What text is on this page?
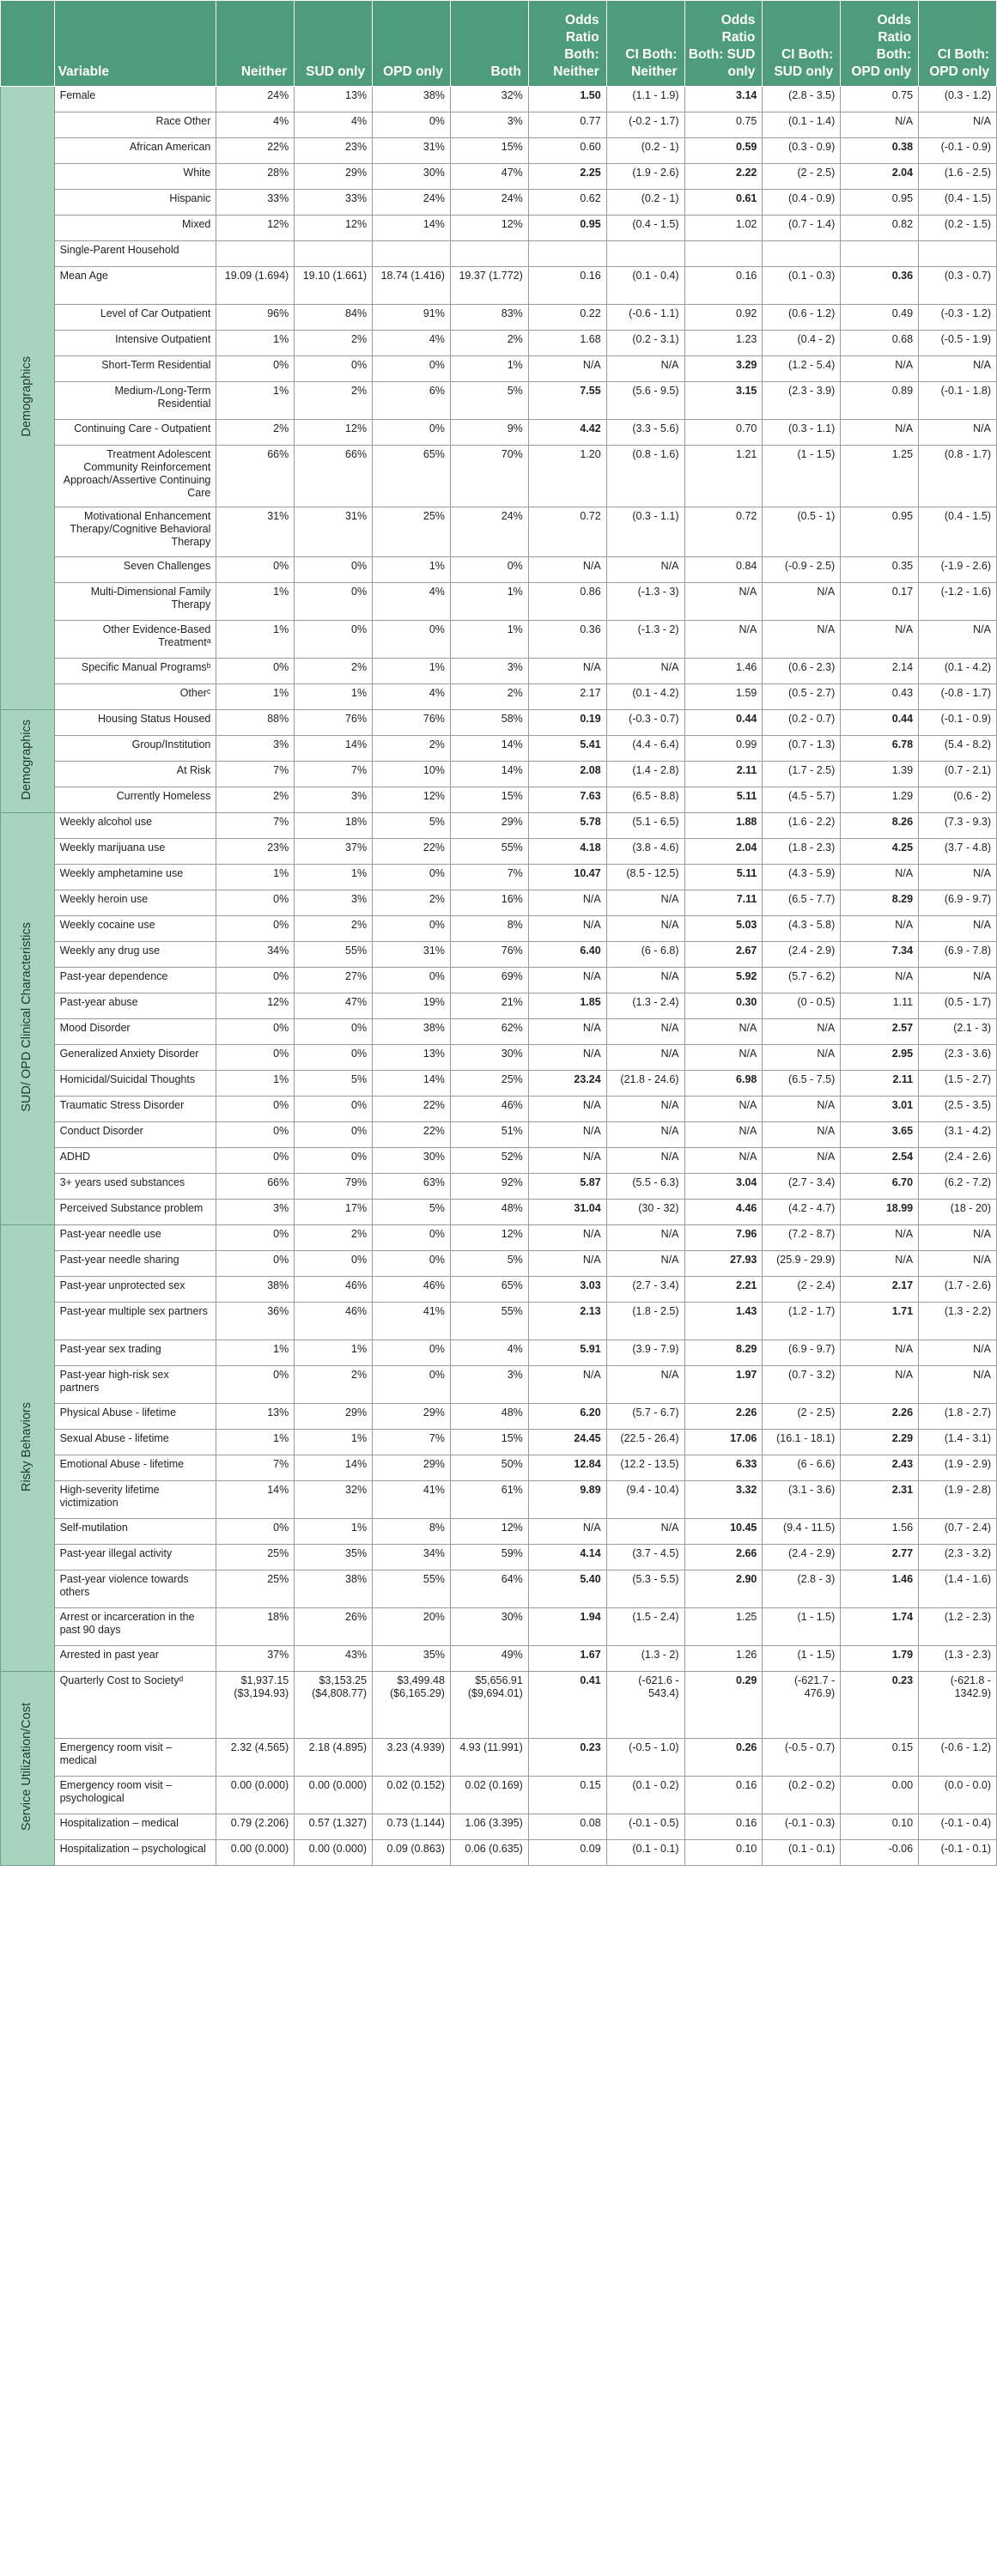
	Variable	Neither	SUD only	OPD only	Both	Odds Ratio Both: Neither	CI Both: Neither	Odds Ratio Both: SUD only	CI Both: SUD only	Odds Ratio Both: OPD only	CI Both: OPD only
Demographics	Female	24%	13%	38%	32%	1.50	(1.1 - 1.9)	3.14	(2.8 - 3.5)	0.75	(0.3 - 1.2)
	Race Other	4%	4%	0%	3%	0.77	(-0.2 - 1.7)	0.75	(0.1 - 1.4)	N/A	N/A
	African American	22%	23%	31%	15%	0.60	(0.2 - 1)	0.59	(0.3 - 0.9)	0.38	(-0.1 - 0.9)
	White	28%	29%	30%	47%	2.25	(1.9 - 2.6)	2.22	(2 - 2.5)	2.04	(1.6 - 2.5)
	Hispanic	33%	33%	24%	24%	0.62	(0.2 - 1)	0.61	(0.4 - 0.9)	0.95	(0.4 - 1.5)
	Mixed	12%	12%	14%	12%	0.95	(0.4 - 1.5)	1.02	(0.7 - 1.4)	0.82	(0.2 - 1.5)
	Single-Parent Household										
	Mean Age	19.09 (1.694)	19.10 (1.661)	18.74 (1.416)	19.37 (1.772)	0.16	(0.1 - 0.4)	0.16	(0.1 - 0.3)	0.36	(0.3 - 0.7)
	Level of Car Outpatient	96%	84%	91%	83%	0.22	(-0.6 - 1.1)	0.92	(0.6 - 1.2)	0.49	(-0.3 - 1.2)
	Intensive Outpatient	1%	2%	4%	2%	1.68	(0.2 - 3.1)	1.23	(0.4 - 2)	0.68	(-0.5 - 1.9)
	Short-Term Residential	0%	0%	0%	1%	N/A	N/A	3.29	(1.2 - 5.4)	N/A	N/A
	Medium-/Long-Term Residential	1%	2%	6%	5%	7.55	(5.6 - 9.5)	3.15	(2.3 - 3.9)	0.89	(-0.1 - 1.8)
	Continuing Care - Outpatient	2%	12%	0%	9%	4.42	(3.3 - 5.6)	0.70	(0.3 - 1.1)	N/A	N/A
	Treatment Adolescent Community Reinforcement Approach/Assertive Continuing Care	66%	66%	65%	70%	1.20	(0.8 - 1.6)	1.21	(1 - 1.5)	1.25	(0.8 - 1.7)
	Motivational Enhancement Therapy/Cognitive Behavioral Therapy	31%	31%	25%	24%	0.72	(0.3 - 1.1)	0.72	(0.5 - 1)	0.95	(0.4 - 1.5)
	Seven Challenges	0%	0%	1%	0%	N/A	N/A	0.84	(-0.9 - 2.5)	0.35	(-1.9 - 2.6)
	Multi-Dimensional Family Therapy	1%	0%	4%	1%	0.86	(-1.3 - 3)	N/A	N/A	0.17	(-1.2 - 1.6)
	Other Evidence-Based Treatmentᵃ	1%	0%	0%	1%	0.36	(-1.3 - 2)	N/A	N/A	N/A	N/A
	Specific Manual Programsᵇ	0%	2%	1%	3%	N/A	N/A	1.46	(0.6 - 2.3)	2.14	(0.1 - 4.2)
	Otherᶜ	1%	1%	4%	2%	2.17	(0.1 - 4.2)	1.59	(0.5 - 2.7)	0.43	(-0.8 - 1.7)
Demographics	Housing Status Housed	88%	76%	76%	58%	0.19	(-0.3 - 0.7)	0.44	(0.2 - 0.7)	0.44	(-0.1 - 0.9)
	Group/Institution	3%	14%	2%	14%	5.41	(4.4 - 6.4)	0.99	(0.7 - 1.3)	6.78	(5.4 - 8.2)
	At Risk	7%	7%	10%	14%	2.08	(1.4 - 2.8)	2.11	(1.7 - 2.5)	1.39	(0.7 - 2.1)
	Currently Homeless	2%	3%	12%	15%	7.63	(6.5 - 8.8)	5.11	(4.5 - 5.7)	1.29	(0.6 - 2)
SUD/ OPD Clinical Characteristics	Weekly alcohol use	7%	18%	5%	29%	5.78	(5.1 - 6.5)	1.88	(1.6 - 2.2)	8.26	(7.3 - 9.3)
	Weekly marijuana use	23%	37%	22%	55%	4.18	(3.8 - 4.6)	2.04	(1.8 - 2.3)	4.25	(3.7 - 4.8)
	Weekly amphetamine use	1%	1%	0%	7%	10.47	(8.5 - 12.5)	5.11	(4.3 - 5.9)	N/A	N/A
	Weekly heroin use	0%	3%	2%	16%	N/A	N/A	7.11	(6.5 - 7.7)	8.29	(6.9 - 9.7)
	Weekly cocaine use	0%	2%	0%	8%	N/A	N/A	5.03	(4.3 - 5.8)	N/A	N/A
	Weekly any drug use	34%	55%	31%	76%	6.40	(6 - 6.8)	2.67	(2.4 - 2.9)	7.34	(6.9 - 7.8)
	Past-year dependence	0%	27%	0%	69%	N/A	N/A	5.92	(5.7 - 6.2)	N/A	N/A
	Past-year abuse	12%	47%	19%	21%	1.85	(1.3 - 2.4)	0.30	(0 - 0.5)	1.11	(0.5 - 1.7)
	Mood Disorder	0%	0%	38%	62%	N/A	N/A	N/A	N/A	2.57	(2.1 - 3)
	Generalized Anxiety Disorder	0%	0%	13%	30%	N/A	N/A	N/A	N/A	2.95	(2.3 - 3.6)
	Homicidal/Suicidal Thoughts	1%	5%	14%	25%	23.24	(21.8 - 24.6)	6.98	(6.5 - 7.5)	2.11	(1.5 - 2.7)
	Traumatic Stress Disorder	0%	0%	22%	46%	N/A	N/A	N/A	N/A	3.01	(2.5 - 3.5)
	Conduct Disorder	0%	0%	22%	51%	N/A	N/A	N/A	N/A	3.65	(3.1 - 4.2)
	ADHD	0%	0%	30%	52%	N/A	N/A	N/A	N/A	2.54	(2.4 - 2.6)
	3+ years used substances	66%	79%	63%	92%	5.87	(5.5 - 6.3)	3.04	(2.7 - 3.4)	6.70	(6.2 - 7.2)
	Perceived Substance problem	3%	17%	5%	48%	31.04	(30 - 32)	4.46	(4.2 - 4.7)	18.99	(18 - 20)
Risky Behaviors	Past-year needle use	0%	2%	0%	12%	N/A	N/A	7.96	(7.2 - 8.7)	N/A	N/A
	Past-year needle sharing	0%	0%	0%	5%	N/A	N/A	27.93	(25.9 - 29.9)	N/A	N/A
	Past-year unprotected sex	38%	46%	46%	65%	3.03	(2.7 - 3.4)	2.21	(2 - 2.4)	2.17	(1.7 - 2.6)
	Past-year multiple sex partners	36%	46%	41%	55%	2.13	(1.8 - 2.5)	1.43	(1.2 - 1.7)	1.71	(1.3 - 2.2)
	Past-year sex trading	1%	1%	0%	4%	5.91	(3.9 - 7.9)	8.29	(6.9 - 9.7)	N/A	N/A
	Past-year high-risk sex partners	0%	2%	0%	3%	N/A	N/A	1.97	(0.7 - 3.2)	N/A	N/A
	Physical Abuse - lifetime	13%	29%	29%	48%	6.20	(5.7 - 6.7)	2.26	(2 - 2.5)	2.26	(1.8 - 2.7)
	Sexual Abuse - lifetime	1%	1%	7%	15%	24.45	(22.5 - 26.4)	17.06	(16.1 - 18.1)	2.29	(1.4 - 3.1)
	Emotional Abuse - lifetime	7%	14%	29%	50%	12.84	(12.2 - 13.5)	6.33	(6 - 6.6)	2.43	(1.9 - 2.9)
	High-severity lifetime victimization	14%	32%	41%	61%	9.89	(9.4 - 10.4)	3.32	(3.1 - 3.6)	2.31	(1.9 - 2.8)
	Self-mutilation	0%	1%	8%	12%	N/A	N/A	10.45	(9.4 - 11.5)	1.56	(0.7 - 2.4)
	Past-year illegal activity	25%	35%	34%	59%	4.14	(3.7 - 4.5)	2.66	(2.4 - 2.9)	2.77	(2.3 - 3.2)
	Past-year violence towards others	25%	38%	55%	64%	5.40	(5.3 - 5.5)	2.90	(2.8 - 3)	1.46	(1.4 - 1.6)
	Arrest or incarceration in the past 90 days	18%	26%	20%	30%	1.94	(1.5 - 2.4)	1.25	(1 - 1.5)	1.74	(1.2 - 2.3)
	Arrested in past year	37%	43%	35%	49%	1.67	(1.3 - 2)	1.26	(1 - 1.5)	1.79	(1.3 - 2.3)
Service Utilization/Cost	Quarterly Cost to Societyᵈ	$1,937.15 ($3,194.93)	$3,153.25 ($4,808.77)	$3,499.48 ($6,165.29)	$5,656.91 ($9,694.01)	0.41	(-621.6 - 543.4)	0.29	(-621.7 - 476.9)	0.23	(-621.8 - 1342.9)
	Emergency room visit – medical	2.32 (4.565)	2.18 (4.895)	3.23 (4.939)	4.93 (11.991)	0.23	(-0.5 - 1.0)	0.26	(-0.5 - 0.7)	0.15	(-0.6 - 1.2)
	Emergency room visit – psychological	0.00 (0.000)	0.00 (0.000)	0.02 (0.152)	0.02 (0.169)	0.15	(0.1 - 0.2)	0.16	(0.2 - 0.2)	0.00	(0.0 - 0.0)
	Hospitalization – medical	0.79 (2.206)	0.57 (1.327)	0.73 (1.144)	1.06 (3.395)	0.08	(-0.1 - 0.5)	0.16	(-0.1 - 0.3)	0.10	(-0.1 - 0.4)
	Hospitalization – psychological	0.00 (0.000)	0.00 (0.000)	0.09 (0.863)	0.06 (0.635)	0.09	(0.1 - 0.1)	0.10	(0.1 - 0.1)	-0.06	(-0.1 - 0.1)
